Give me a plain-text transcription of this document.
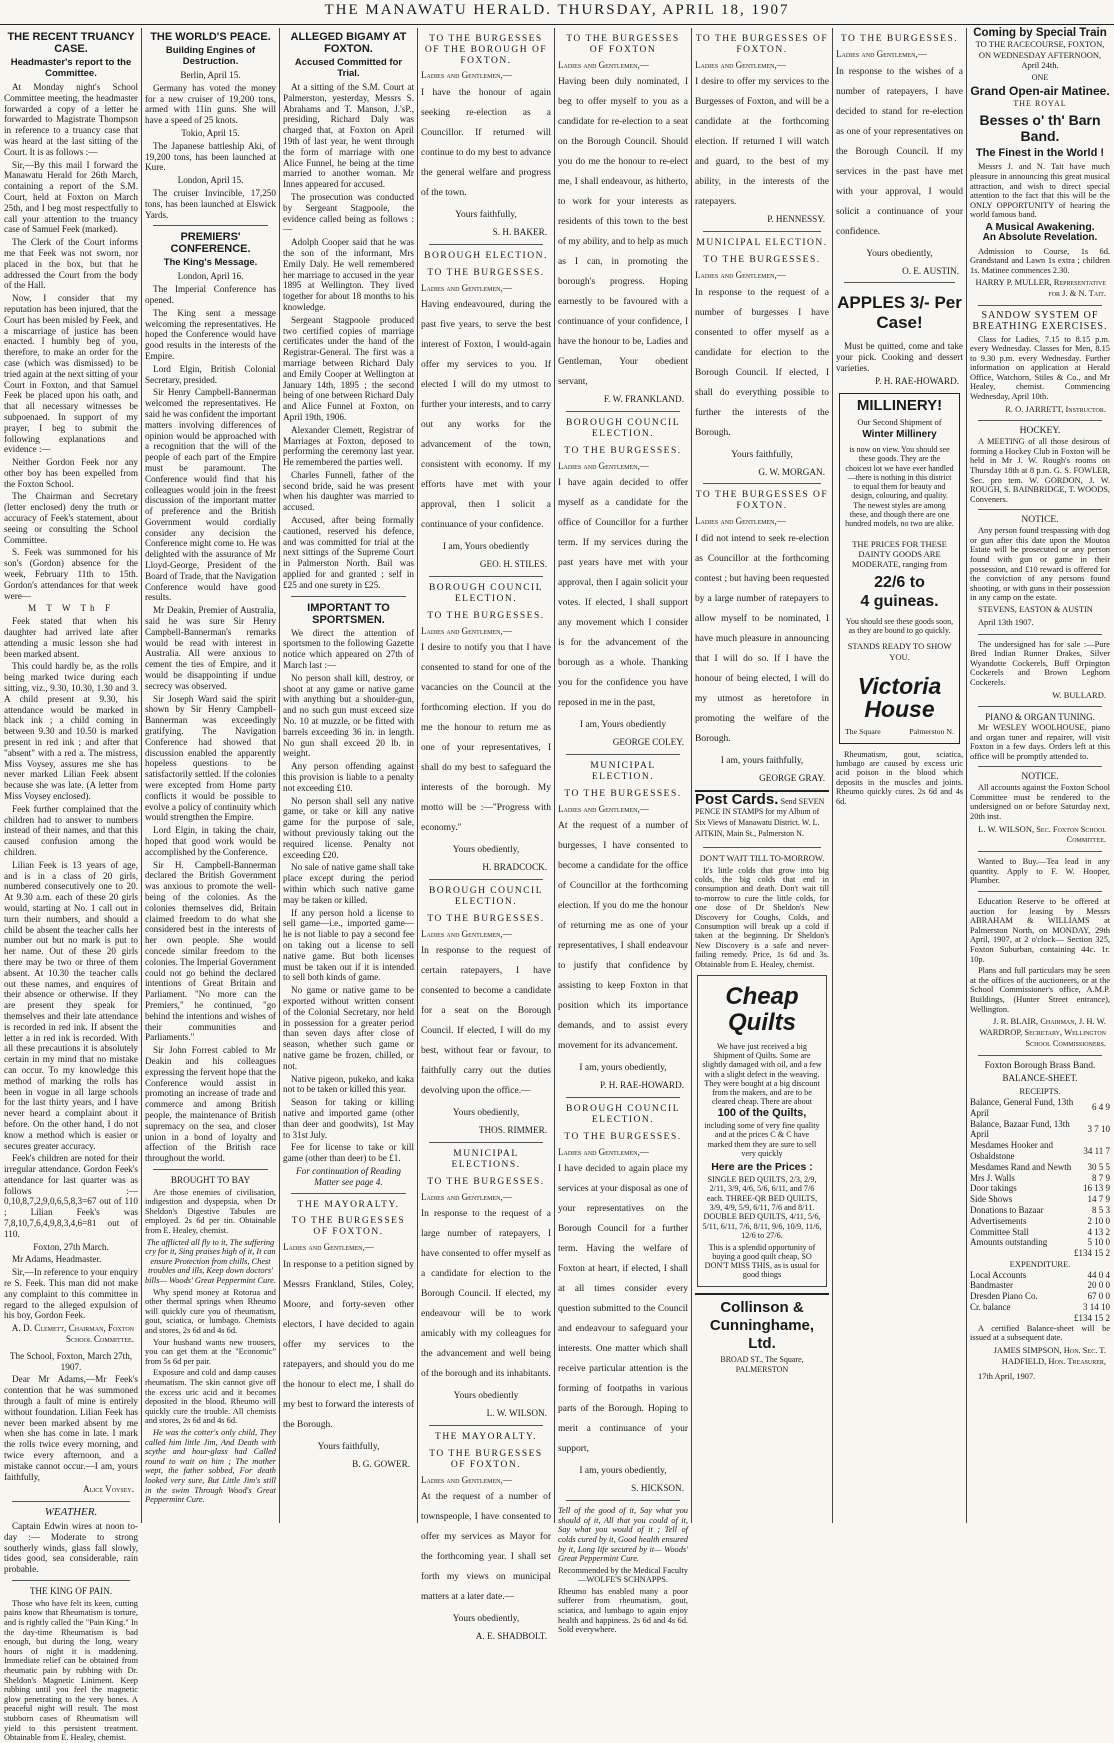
THE MANAWATU HERALD. THURSDAY, APRIL 18, 1907
THE RECENT TRUANCY CASE.
Headmaster's report to the Committee.

At Monday night's School Committee meeting, the headmaster forwarded a copy of a letter he forwarded to Magistrate Thompson in reference to a truancy case that was heard at the last sitting of the Court. It is as follows :—

Sir,—By this mail I forward the Manawatu Herald for 26th March, containing a report of the S.M. Court, held at Foxton on March 25th, and I beg most respectfully to call your attention to the truancy case of Samuel Feek (marked).

The Clerk of the Court informs me that Feek was not sworn, nor placed in the box, but that he addressed the Court from the body of the Hall.

Now, I consider that my reputation has been injured, that the Court has been misled by Feek, and a miscarriage of justice has been enacted. I humbly beg of you, therefore, to make an order for the case (which was dismissed) to be tried again at the next sitting of your Court in Foxton, and that Samuel Feek be placed upon his oath, and that all necessary witnesses be subpoenaed. In support of my prayer, I beg to submit the following explanations and evidence :—

Neither Gordon Feek nor any other boy has been expelled from the Foxton School.

The Chairman and Secretary (letter enclosed) deny the truth or accuracy of Feek's statement, about seeing or consulting the School Committee.

S. Feek was summoned for his son's (Gordon) absence for the week, February 11th to 15th. Gordon's attendances for that week were—

M T W Th F

Feek stated that when his daughter had arrived late after attending a music lesson she had been marked absent.

This could hardly be, as the rolls being marked twice during each sitting, viz., 9.30, 10.30, 1.30 and 3. A child present at 9.30, his attendance would be marked in black ink ; a child coming in between 9.30 and 10.50 is marked present in red ink ; and after that "absent" with a red a. The mistress, Miss Voysey, assures me she has never marked Lilian Feek absent because she was late. (A letter from Miss Voysey enclosed).

Feek further complained that the children had to answer to numbers instead of their names, and that this caused confusion among the children.

Lilian Feek is 13 years of age, and is in a class of 20 girls, numbered consecutively one to 20. At 9.30 a.m. each of these 20 girls would, starting at No. 1 call out in turn their numbers, and should a child be absent the teacher calls her number out but no mark is put to her name. Out of these 20 girls there may be two or three of them absent. At 10.30 the teacher calls out these names, and enquires of their absence or otherwise. If they are present they speak for themselves and their late attendance is recorded in red ink. If absent the letter a in red ink is recorded. With all these precautions it is absolutely certain in my mind that no mistake can occur. To my knowledge this method of marking the rolls has been in vogue in all large schools for the last thirty years, and I have never heard a complaint about it before. On the other hand, I do not know a method which is easier or secures greater accuracy.

Feek's children are noted for their irregular attendance. Gordon Feek's attendance for last quarter was as follows :—0,10,8,7,2,9,0,6,5,8,3=67 out of 110 ; Lilian Feek's was 7,8,10,7,6,4,9,8,3,4,6=81 out of 110.

Foxton, 27th March.

Mr Adams, Headmaster.

Sir,—In reference to your enquiry re S. Feek. This man did not make any complaint to this committee in regard to the alleged expulsion of his boy, Gordon Feek.

A. D. Clemett, Chairman, Foxton School Committee.

The School, Foxton, March 27th, 1907.

Dear Mr Adams,—Mr Feek's contention that he was summoned through a fault of mine is entirely without foundation. Lilian Feek has never been marked absent by me when she has come in late. I mark the rolls twice every morning, and twice every afternoon, and a mistake cannot occur.—I am, yours faithfully,

Alice Voysey.
WEATHER.

Captain Edwin wires at noon to-day :— Moderate to strong southerly winds, glass fall slowly, tides good, sea considerable, rain probable.

THE KING OF PAIN.

Those who have felt its keen, cutting pains know that Rheumatism is torture, and is rightly called the "Pain King." In the day-time Rheumatism is bad enough, but during the long, weary hours of night it is maddening. Immediate relief can be obtained from rheumatic pain by rubbing with Dr. Sheldon's Magnetic Liniment. Keep rubbing until you feel the magnetic glow penetrating to the very bones. A peaceful night will result. The most stubborn cases of Rheumatism will yield to this persistent treatment. Obtainable from E. Healey, chemist.

THE WORLD'S PEACE.
Building Engines of Destruction.

Berlin, April 15.

Germany has voted the money for a new cruiser of 19,200 tons, armed with 11in guns. She will have a speed of 25 knots.

Tokio, April 15.

The Japanese battleship Aki, of 19,200 tons, has been launched at Kure.

London, April 15.

The cruiser Invincible, 17,250 tons, has been launched at Elswick Yards.

PREMIERS' CONFERENCE.
The King's Message.

London, April 16.

The Imperial Conference has opened.

The King sent a message welcoming the representatives. He hoped the Conference would have good results in the interests of the Empire.

Lord Elgin, British Colonial Secretary, presided.

Sir Henry Campbell-Bannerman welcomed the representatives. He said he was confident the important matters involving differences of opinion would be approached with a recognition that the will of the people of each part of the Empire must be paramount. The Conference would find that his colleagues would join in the freest discussion of the important matter of preference and the British Government would cordially consider any decision the Conference might come to. He was delighted with the assurance of Mr Lloyd-George, President of the Board of Trade, that the Navigation Conference would have good results.

Mr Deakin, Premier of Australia, said he was sure Sir Henry Campbell-Bannerman's remarks would be read with interest in Australia. All were anxious to cement the ties of Empire, and it would be disappointing if undue secrecy was observed.

Sir Joseph Ward said the spirit shown by Sir Henry Campbell-Bannerman was exceedingly gratifying. The Navigation Conference had showed that discussion enabled the apparently hopeless questions to be satisfactorily settled. If the colonies were excepted from Home party conflicts it would be possible to evolve a policy of continuity which would strengthen the Empire.

Lord Elgin, in taking the chair, hoped that good work would be accomplished by the Conference.

Sir H. Campbell-Bannerman declared the British Government was anxious to promote the well-being of the colonies. As the colonies themselves did, Britain claimed freedom to do what she considered best in the interests of her own people. She would concede similar freedom to the colonies. The Imperial Government could not go behind the declared intentions of Great Britain and Parliament. "No more can the Premiers," he continued, "go behind the intentions and wishes of their communities and Parliaments."

Sir John Forrest cabled to Mr Deakin and his colleagues expressing the fervent hope that the Conference would assist in promoting an increase of trade and commerce and among British people, the maintenance of British supremacy on the sea, and closer union in a bond of loyalty and affection of the British race throughout the world.

BROUGHT TO BAY

Are those enemies of civilisation, indigestion and dyspepsia, when Dr Sheldon's Digestive Tabules are employed. 2s 6d per tin. Obtainable from E. Healey, chemist.

The afflicted all fly to it, The suffering cry for it, Sing praises high of it, It can ensure Protection from chills, Chest troubles and ills, Keep down doctors' bills— Woods' Great Peppermint Cure.

Why spend money at Rotorua and other thermal springs when Rheumo will quickly cure you of rheumatism, gout, sciatica, or lumbago. Chemists and stores, 2s 6d and 4s 6d.

Your husband wants new trousers, you can get them at the "Economic" from 5s 6d per pair.

Exposure and cold and damp causes rheumatism. The skin cannot give off the excess uric acid and it becomes deposited in the blood. Rheumo will quickly cure the trouble. All chemists and stores, 2s 6d and 4s 6d.

He was the cotter's only child, They called him little Jim, And Death with scythe and hour-glass had Called round to wait on him ; The mother wept, the father sobbed, For death looked very sure, But Little Jim's still in the swim Through Wood's Great Peppermint Cure.

ALLEGED BIGAMY AT FOXTON.
Accused Committed for Trial.

At a sitting of the S.M. Court at Palmerston, yesterday, Messrs S. Abrahams and T. Manson, J.'sP., presiding, Richard Daly was charged that, at Foxton on April 19th of last year, he went through the form of marriage with one Alice Funnel, he being at the time married to another woman. Mr Innes appeared for accused.

The prosecution was conducted by Sergeant Stagpoole, the evidence called being as follows :—

Adolph Cooper said that he was the son of the informant, Mrs Emily Daly. He well remembered her marriage to accused in the year 1895 at Wellington. They lived together for about 18 months to his knowledge.

Sergeant Stagpoole produced two certified copies of marriage certificates under the hand of the Registrar-General. The first was a marriage between Richard Daly and Emily Cooper at Wellington at January 14th, 1895 ; the second being of one between Richard Daly and Alice Funnel at Foxton, on April 19th, 1906.

Alexander Clemett, Registrar of Marriages at Foxton, deposed to performing the ceremony last year. He remembered the parties well.

Charles Funnell, father of the second bride, said he was present when his daughter was married to accused.

Accused, after being formally cautioned, reserved his defence, and was committed for trial at the next sittings of the Supreme Court in Palmerston North. Bail was applied for and granted ; self in £25 and one surety in £25.

IMPORTANT TO SPORTSMEN.

We direct the attention of sportsmen to the following Gazette notice which appeared on 27th of March last :—

No person shall kill, destroy, or shoot at any game or native game with anything but a shoulder-gun, and no such gun must exceed size No. 10 at muzzle, or be fitted with barrels exceeding 36 in. in length. No gun shall exceed 20 lb. in weight.

Any person offending against this provision is liable to a penalty not exceeding £10.

No person shall sell any native game, or take or kill any native game for the purpose of sale, without previously taking out the required license. Penalty not exceeding £20.

No sale of native game shall take place except during the period within which such native game may be taken or killed.

If any person hold a license to sell game—i.e., imported game—he is not liable to pay a second fee on taking out a license to sell native game. But both licenses must be taken out if it is intended to sell both kinds of game.

No game or native game to be exported without written consent of the Colonial Secretary, nor held in possession for a greater period than seven days after close of season, whether such game or native game be frozen, chilled, or not.

Native pigeon, pukeko, and kaka not to be taken or killed this year.

Season for taking or killing native and imported game (other than deer and goodwits), 1st May to 31st July.

Fee for license to take or kill game (other than deer) to be £1.

For continuation of Reading Matter see page 4.

THE MAYORALTY.
TO THE BURGESSES OF FOXTON.
Ladies and Gentlemen,—

In response to a petition signed by Messrs Frankland, Stiles, Coley, Moore, and forty-seven other electors, I have decided to again offer my services to the ratepayers, and should you do me the honour to elect me, I shall do my best to forward the interests of the Borough.

Yours faithfully,

B. G. GOWER.
TO THE BURGESSES OF THE BOROUGH OF FOXTON.
Ladies and Gentlemen,—

I have the honour of again seeking re-election as a Councillor. If returned will continue to do my best to advance the general welfare and progress of the town.

Yours faithfully,

S. H. BAKER.
BOROUGH ELECTION.
TO THE BURGESSES.
Ladies and Gentlemen,—

Having endeavoured, during the past five years, to serve the best interest of Foxton, I would-again offer my services to you. If elected I will do my utmost to further your interests, and to carry out any works for the advancement of the town, consistent with economy. If my efforts have met with your approval, then I solicit a continuance of your confidence.

I am, Yours obediently

GEO. H. STILES.
BOROUGH COUNCIL ELECTION.
TO THE BURGESSES.
Ladies and Gentlemen,—

I desire to notify you that I have consented to stand for one of the vacancies on the Council at the forthcoming election. If you do me the honour to return me as one of your representatives, I shall do my best to safeguard the interests of the borough. My motto will be :—"Progress with economy."

Yours obediently,

H. BRADCOCK.
BOROUGH COUNCIL ELECTION.
TO THE BURGESSES.
Ladies and Gentlemen,—

In response to the request of certain ratepayers, I have consented to become a candidate for a seat on the Borough Council. If elected, I will do my best, without fear or favour, to faithfully carry out the duties devolving upon the office.—

Yours obediently,

THOS. RIMMER.
MUNICIPAL ELECTIONS.
TO THE BURGESSES.
Ladies and Gentlemen,—

In response to the request of a large number of ratepayers, I have consented to offer myself as a candidate for election to the Borough Council. If elected, my endeavour will be to work amicably with my colleagues for the advancement and well being of the borough and its inhabitants.

Yours obediently

L. W. WILSON.
THE MAYORALTY.
TO THE BURGESSES OF FOXTON.
Ladies and Gentlemen,—

At the request of a number of townspeople, I have consented to offer my services as Mayor for the forthcoming year. I shall set forth my views on municipal matters at a later date.—

Yours obediently,

A. E. SHADBOLT.
TO THE BURGESSES OF FOXTON
Ladies and Gentlemen,—

Having been duly nominated, I beg to offer myself to you as a candidate for re-election to a seat on the Borough Council. Should you do me the honour to re-elect me, I shall endeavour, as hitherto, to work for your interests as residents of this town to the best of my ability, and to help as much as I can, in promoting the borough's progress. Hoping earnestly to be favoured with a continuance of your confidence, I have the honour to be, Ladies and Gentleman, Your obedient servant,

F. W. FRANKLAND.
BOROUGH COUNCIL ELECTION.
TO THE BURGESSES.
Ladies and Gentlemen,—

I have again decided to offer myself as a candidate for the office of Councillor for a further term. If my services during the past years have met with your approval, then I again solicit your votes. If elected, I shall support any movement which I consider is for the advancement of the borough as a whole. Thanking you for the confidence you have reposed in me in the past,

I am, Yours obediently

GEORGE COLEY.
MUNICIPAL ELECTION.
TO THE BURGESSES.
Ladies and Gentlemen,—

At the request of a number of burgesses, I have consented to become a candidate for the office of Councillor at the forthcoming election. If you do me the honour of returning me as one of your representatives, I shall endeavour to justify that confidence by assisting to keep Foxton in that position which its importance demands, and to assist every movement for its advancement.

I am, yours obediently,

P. H. RAE-HOWARD.
BOROUGH COUNCIL ELECTION.
TO THE BURGESSES.
Ladies and Gentlemen,—

I have decided to again place my services at your disposal as one of your representatives on the Borough Council for a further term. Having the welfare of Foxton at heart, if elected, I shall at all times consider every question submitted to the Council and endeavour to safeguard your interests. One matter which shall receive particular attention is the forming of footpaths in various parts of the Borough. Hoping to merit a continuance of your support,

I am, yours obediently,

S. HICKSON.

Tell of the good of it, Say what you should of it, All that you could of it, Say what you would of it ; Tell of colds cured by it, Good health ensured by it, Long life secured by it— Woods' Great Peppermint Cure.

Recommended by the Medical Faculty—WOLFE'S SCHNAPPS.

Rheumo has enabled many a poor sufferer from rheumatism, gout, sciatica, and lumbago to again enjoy health and happiness. 2s 6d and 4s 6d. Sold everywhere.

TO THE BURGESSES OF FOXTON.
Ladies and Gentlemen,—

I desire to offer my services to the Burgesses of Foxton, and will be a candidate at the forthcoming election. If returned I will watch and guard, to the best of my ability, in the interests of the ratepayers.

P. HENNESSY.
MUNICIPAL ELECTION.
TO THE BURGESSES.
Ladies and Gentlemen,—

In response to the request of a number of burgesses I have consented to offer myself as a candidate for election to the Borough Council. If elected, I shall do everything possible to further the interests of the Borough.

Yours faithfully,

G. W. MORGAN.
TO THE BURGESSES OF FOXTON.
Ladies and Gentlemen,—

I did not intend to seek re-election as Councillor at the forthcoming contest ; but having been requested by a large number of ratepayers to allow myself to be nominated, I have much pleasure in announcing that I will do so. If I have the honour of being elected, I will do my utmost as heretofore in promoting the welfare of the Borough.

I am, yours faithfully,

GEORGE GRAY.
Post Cards. Send SEVEN PENCE IN STAMPS for my Album of Six Views of Manawatu District. W. L. AITKIN, Main St., Palmerston N.

DON'T WAIT TILL TO-MORROW.

It's little colds that grow into big colds, the big colds that end in consumption and death. Don't wait till to-morrow to cure the little colds, for one dose of Dr Sheldon's New Discovery for Coughs, Colds, and Consumption will break up a cold if taken at the beginning. Dr Sheldon's New Discovery is a safe and never-failing remedy. Price, 1s 6d and 3s. Obtainable from E. Healey, chemist.

Cheap Quilts

We have just received a big Shipment of Quilts. Some are slightly damaged with oil, and a few with a slight defect in the weaving. They were bought at a big discount from the makers, and are to be cleared cheap. There are about

100 of the Quilts,

including some of very fine quality and at the prices C & C have marked them they are sure to sell very quickly

Here are the Prices :

SINGLE BED QUILTS, 2/3, 2/9, 2/11, 3/9, 4/6, 5/6, 6/11, and 7/6 each. THREE-QR BED QUILTS, 3/9, 4/9, 5/9, 6/11, 7/6 and 8/11. DOUBLE BED QUILTS, 4/11, 5/6, 5/11, 6/11, 7/6, 8/11, 9/6, 10/9, 11/6, 12/6 to 27/6.

This is a splendid opportunity of buying a good quilt cheap, SO DON'T MISS THIS, as is usual for good things

Collinson & Cunninghame, Ltd.
BROAD ST., The Square, PALMERSTON
TO THE BURGESSES.
Ladies and Gentlemen,—

In response to the wishes of a number of ratepayers, I have decided to stand for re-election as one of your representatives on the Borough Council. If my services in the past have met with your approval, I would solicit a continuance of your confidence.

Yours obediently,

O. E. AUSTIN.
APPLES 3/- Per Case!

Must be quitted, come and take your pick. Cooking and dessert varieties.

P. H. RAE-HOWARD.
MILLINERY!
Our Second Shipment of
Winter Millinery
is now on view. You should see these goods. They are the choicest lot we have ever handled —there is nothing in this district to equal them for beauty and design, colouring, and quality. The newest styles are among these, and though there are one hundred models, no two are alike.
THE PRICES FOR THESE DAINTY GOODS ARE MODERATE, ranging from
22/6 to
4 guineas.
You should see these goods soon, as they are bound to go quickly.
STANDS READY TO SHOW YOU.
Victoria House
The Square	Palmerston N.

Rheumatism, gout, sciatica, lumbago are caused by excess uric acid poison in the blood which deposits in the muscles and joints. Rheumo quickly cures. 2s 6d and 4s 6d.

Coming by Special Train

TO THE RACECOURSE, FOXTON, ON WEDNESDAY AFTERNOON, April 24th.

ONE
Grand Open-air Matinee.
THE ROYAL
Besses o' th' Barn Band.
The Finest in the World !

Messrs J. and N. Tait have much pleasure in announcing this great musical attraction, and wish to direct special attention to the fact that this will be the ONLY OPPORTUNITY of hearing the world famous band.

A Musical Awakening.
An Absolute Revelation.

Admission to Course, 1s 6d. Grandstand and Lawn 1s extra ; children 1s. Matinee commences 2.30.

HARRY P. MULLER, Representative for J. & N. Tait.
SANDOW SYSTEM OF BREATHING EXERCISES.

Class for Ladies, 7.15 to 8.15 p.m. every Wednesday. Classes for Men, 8.15 to 9.30 p.m. every Wednesday. Further information on application at Herald Office, Watchorn, Stiles & Co., and Mr Healey, chemist. Commencing Wednesday, April 10th.

R. O. JARRETT, Instructor.
HOCKEY.

A MEETING of all those desirous of forming a Hockey Club in Foxton will be held in Mr J. W. Rough's rooms on Thursday 18th at 8 p.m. G. S. FOWLER, Sec. pro tem. W. GORDON, J. W. ROUGH, S. BAINBRIDGE, T. WOODS, Conveners.

NOTICE.

Any person found trespassing with dog or gun after this date upon the Moutoa Estate will be prosecuted or any person found with gun or game in their possession, and £10 reward is offered for the conviction of any persons found shooting, or with guns in their possession in any camp on the estate.

STEVENS, EASTON & AUSTIN

April 13th 1907.

The undersigned has for sale :—Pure Bred Indian Runner Drakes, Silver Wyandotte Cockerels, Buff Orpington Cockerels and Brown Leghorn Cockerels.

W. BULLARD.
PIANO & ORGAN TUNING.

Mr WESLEY WOOLHOUSE, piano and organ tuner and repairer, will visit Foxton in a few days. Orders left at this office will be promptly attended to.

NOTICE.

All accounts against the Foxton School Committee must be rendered to the undersigned on or before Saturday next, 20th inst.

L. W. WILSON, Sec. Foxton School Committee.

Wanted to Buy.—Tea lead in any quantity. Apply to F. W. Hooper, Plumber.

Education Reserve to be offered at auction for leasing by Messrs ABRAHAM & WILLIAMS at Palmerston North, on MONDAY, 29th April, 1907, at 2 o'clock— Section 325, Foxton Suburban, containing 44c. 1r. 10p.

Plans and full particulars may be seen at the offices of the auctioneers, or at the School Commissioner's office, A.M.P. Buildings, (Hunter Street entrance), Wellington.

J. R. BLAIR, Chairman, J. H. W. WARDROP, Secretary, Wellington School Commissioners.
Foxton Borough Brass Band.
BALANCE-SHEET.
RECEIPTS.
Balance, General Fund, 13th April	6 4 9
Balance, Bazaar Fund, 13th April	3 7 10
Mesdames Hooker and Osbaldstone	34 11 7
Mesdames Rand and Newth	30 5 5
Mrs J. Walls	8 7 9
Door takings	16 13 9
Side Shows	14 7 9
Donations to Bazaar	8 5 3
Advertisements	2 10 0
Committee Stall	4 13 2
Amounts outstanding	5 10 0
£134 15 2
EXPENDITURE.
Local Accounts	44 0 4
Bandmaster	20 0 0
Dresden Piano Co.	67 0 0
Cr. balance	3 14 10
£134 15 2

A certified Balance-sheet will be issued at a subsequent date.

JAMES SIMPSON, Hon. Sec. T. HADFIELD, Hon. Treasurer,

17th April, 1907.
